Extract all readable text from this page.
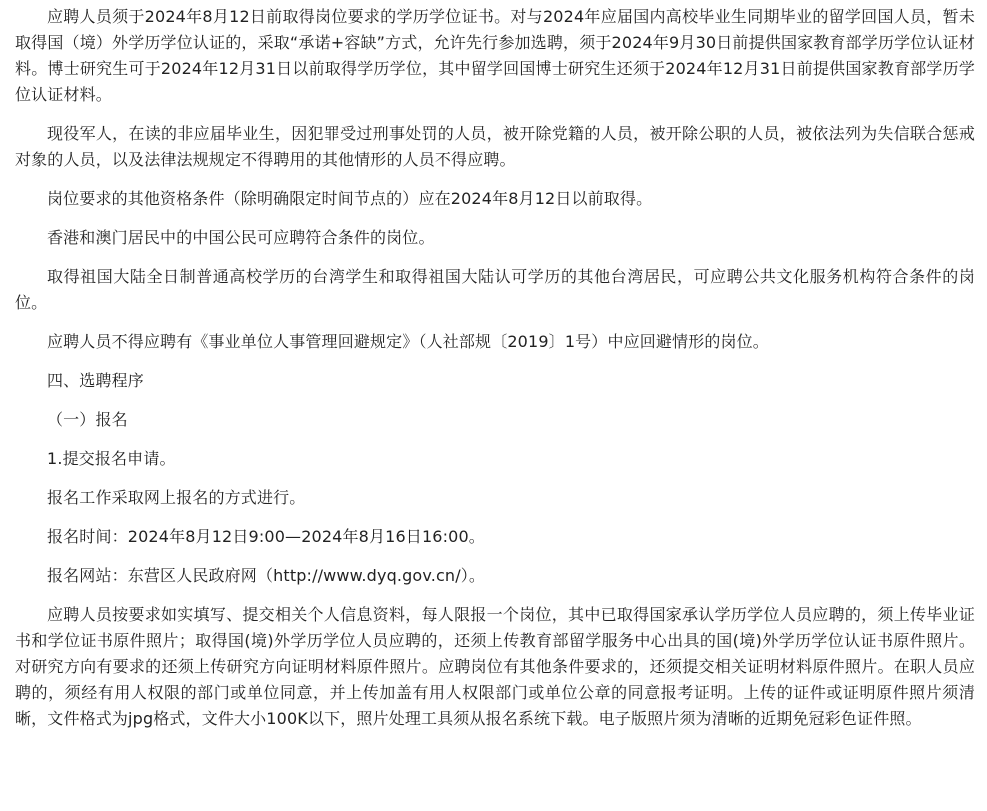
应聘人员须于2024年8月12日前取得岗位要求的学历学位证书。对与2024年应届国内高校毕业生同期毕业的留学回国人员，暂未取得国（境）外学历学位认证的，采取“承诺+容缺”方式，允许先行参加选聘，须于2024年9月30日前提供国家教育部学历学位认证材料。博士研究生可于2024年12月31日以前取得学历学位，其中留学回国博士研究生还须于2024年12月31日前提供国家教育部学历学位认证材料。

现役军人，在读的非应届毕业生，因犯罪受过刑事处罚的人员，被开除党籍的人员，被开除公职的人员，被依法列为失信联合惩戒对象的人员，以及法律法规规定不得聘用的其他情形的人员不得应聘。

岗位要求的其他资格条件（除明确限定时间节点的）应在2024年8月12日以前取得。

香港和澳门居民中的中国公民可应聘符合条件的岗位。

取得祖国大陆全日制普通高校学历的台湾学生和取得祖国大陆认可学历的其他台湾居民，可应聘公共文化服务机构符合条件的岗位。

应聘人员不得应聘有《事业单位人事管理回避规定》（人社部规〔2019〕1号）中应回避情形的岗位。

四、选聘程序

（一）报名

1.提交报名申请。

报名工作采取网上报名的方式进行。

报名时间：2024年8月12日9:00—2024年8月16日16:00。

报名网站：东营区人民政府网（http://www.dyq.gov.cn/）。

应聘人员按要求如实填写、提交相关个人信息资料，每人限报一个岗位，其中已取得国家承认学历学位人员应聘的，须上传毕业证书和学位证书原件照片；取得国(境)外学历学位人员应聘的，还须上传教育部留学服务中心出具的国(境)外学历学位认证书原件照片。对研究方向有要求的还须上传研究方向证明材料原件照片。应聘岗位有其他条件要求的，还须提交相关证明材料原件照片。在职人员应聘的，须经有用人权限的部门或单位同意，并上传加盖有用人权限部门或单位公章的同意报考证明。上传的证件或证明原件照片须清晰，文件格式为jpg格式，文件大小100K以下，照片处理工具须从报名系统下载。电子版照片须为清晰的近期免冠彩色证件照。
